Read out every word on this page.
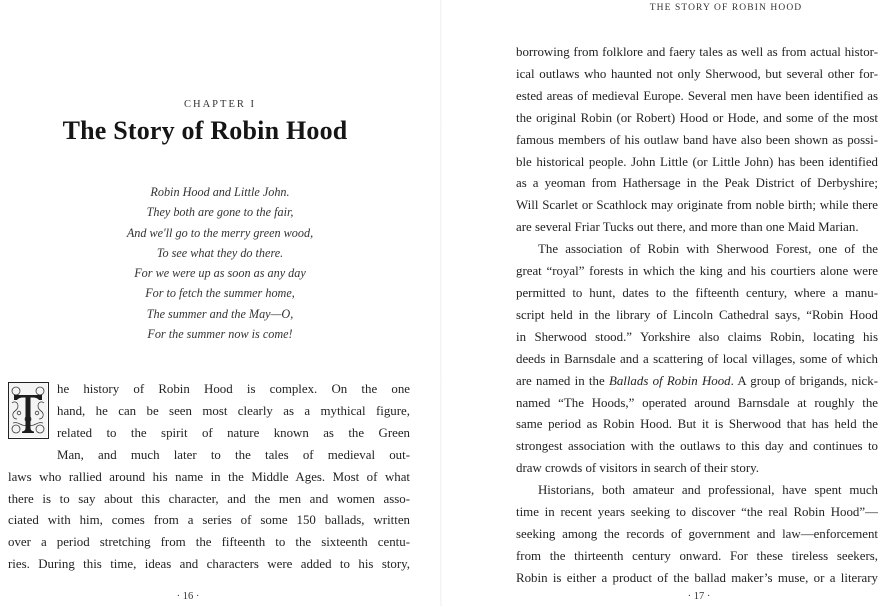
CHAPTER I
The Story of Robin Hood
Robin Hood and Little John.
They both are gone to the fair,
And we'll go to the merry green wood,
To see what they do there.
For we were up as soon as any day
For to fetch the summer home,
The summer and the May—O,
For the summer now is come!
he history of Robin Hood is complex. On the one
hand, he can be seen most clearly as a mythical figure,
related to the spirit of nature known as the Green
Man, and much later to the tales of medieval out-
laws who rallied around his name in the Middle Ages. Most of what
there is to say about this character, and the men and women asso-
ciated with him, comes from a series of some 150 ballads, written
over a period stretching from the fifteenth to the sixteenth centu-
ries. During this time, ideas and characters were added to his story,
· 16 ·
THE STORY OF ROBIN HOOD
borrowing from folklore and faery tales as well as from actual histor-
ical outlaws who haunted not only Sherwood, but several other for-
ested areas of medieval Europe. Several men have been identified as
the original Robin (or Robert) Hood or Hode, and some of the most
famous members of his outlaw band have also been shown as possi-
ble historical people. John Little (or Little John) has been identified
as a yeoman from Hathersage in the Peak District of Derbyshire;
Will Scarlet or Scathlock may originate from noble birth; while there
are several Friar Tucks out there, and more than one Maid Marian.
The association of Robin with Sherwood Forest, one of the
great “royal” forests in which the king and his courtiers alone were
permitted to hunt, dates to the fifteenth century, where a manu-
script held in the library of Lincoln Cathedral says, “Robin Hood
in Sherwood stood.” Yorkshire also claims Robin, locating his
deeds in Barnsdale and a scattering of local villages, some of which
are named in the Ballads of Robin Hood. A group of brigands, nick-
named “The Hoods,” operated around Barnsdale at roughly the
same period as Robin Hood. But it is Sherwood that has held the
strongest association with the outlaws to this day and continues to
draw crowds of visitors in search of their story.
Historians, both amateur and professional, have spent much
time in recent years seeking to discover “the real Robin Hood”—
seeking among the records of government and law—enforcement
from the thirteenth century onward. For these tireless seekers,
Robin is either a product of the ballad maker’s muse, or a literary
· 17 ·
